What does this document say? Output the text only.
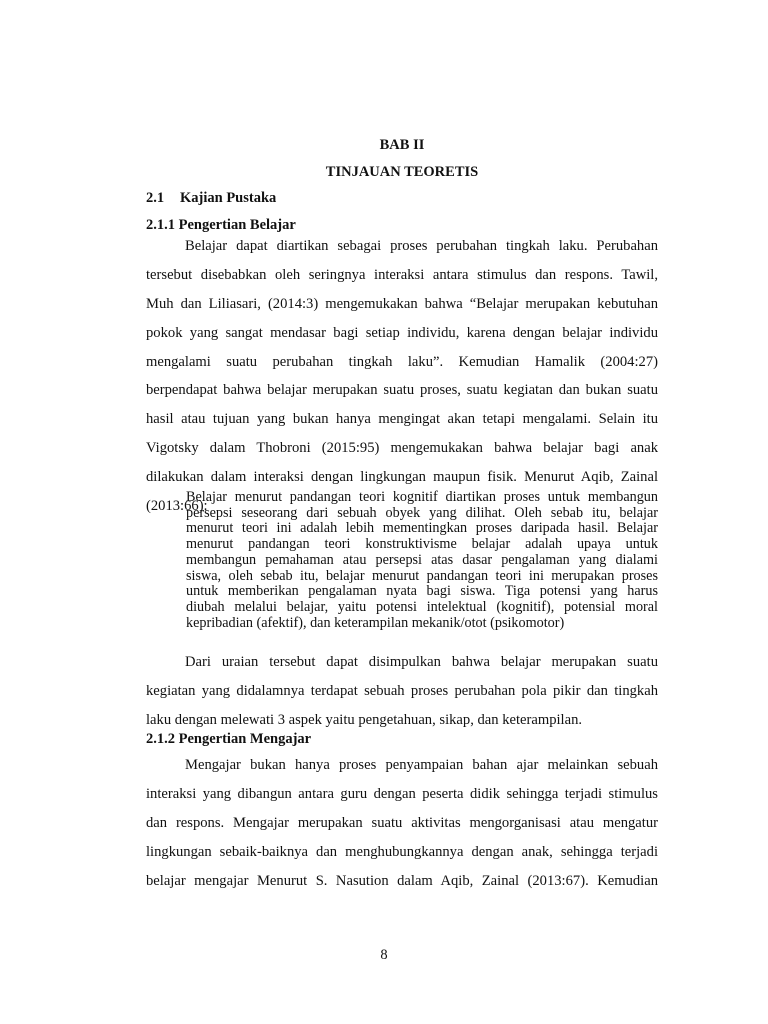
BAB II
TINJAUAN TEORETIS
2.1 Kajian Pustaka
2.1.1 Pengertian Belajar
Belajar dapat diartikan sebagai proses perubahan tingkah laku. Perubahan
tersebut disebabkan oleh seringnya interaksi antara stimulus dan respons. Tawil,
Muh dan Liliasari, (2014:3) mengemukakan bahwa “Belajar merupakan kebutuhan
pokok yang sangat mendasar bagi setiap individu, karena dengan belajar individu
mengalami suatu perubahan tingkah laku”. Kemudian Hamalik (2004:27)
berpendapat bahwa belajar merupakan suatu proses, suatu kegiatan dan bukan suatu
hasil atau tujuan yang bukan hanya mengingat akan tetapi mengalami. Selain itu
Vigotsky dalam Thobroni (2015:95) mengemukakan bahwa belajar bagi anak
dilakukan dalam interaksi dengan lingkungan maupun fisik. Menurut Aqib, Zainal
(2013:66):
Belajar menurut pandangan teori kognitif diartikan proses untuk membangun
persepsi seseorang dari sebuah obyek yang dilihat. Oleh sebab itu, belajar
menurut teori ini adalah lebih mementingkan proses daripada hasil. Belajar
menurut pandangan teori konstruktivisme belajar adalah upaya untuk
membangun pemahaman atau persepsi atas dasar pengalaman yang dialami
siswa, oleh sebab itu, belajar menurut pandangan teori ini merupakan proses
untuk memberikan pengalaman nyata bagi siswa. Tiga potensi yang harus
diubah melalui belajar, yaitu potensi intelektual (kognitif), potensial moral
kepribadian (afektif), dan keterampilan mekanik/otot (psikomotor)
Dari uraian tersebut dapat disimpulkan bahwa belajar merupakan suatu
kegiatan yang didalamnya terdapat sebuah proses perubahan pola pikir dan tingkah
laku dengan melewati 3 aspek yaitu pengetahuan, sikap, dan keterampilan.
2.1.2 Pengertian Mengajar
Mengajar bukan hanya proses penyampaian bahan ajar melainkan sebuah
interaksi yang dibangun antara guru dengan peserta didik sehingga terjadi stimulus
dan respons. Mengajar merupakan suatu aktivitas mengorganisasi atau mengatur
lingkungan sebaik-baiknya dan menghubungkannya dengan anak, sehingga terjadi
belajar mengajar Menurut S. Nasution dalam Aqib, Zainal (2013:67). Kemudian
8
